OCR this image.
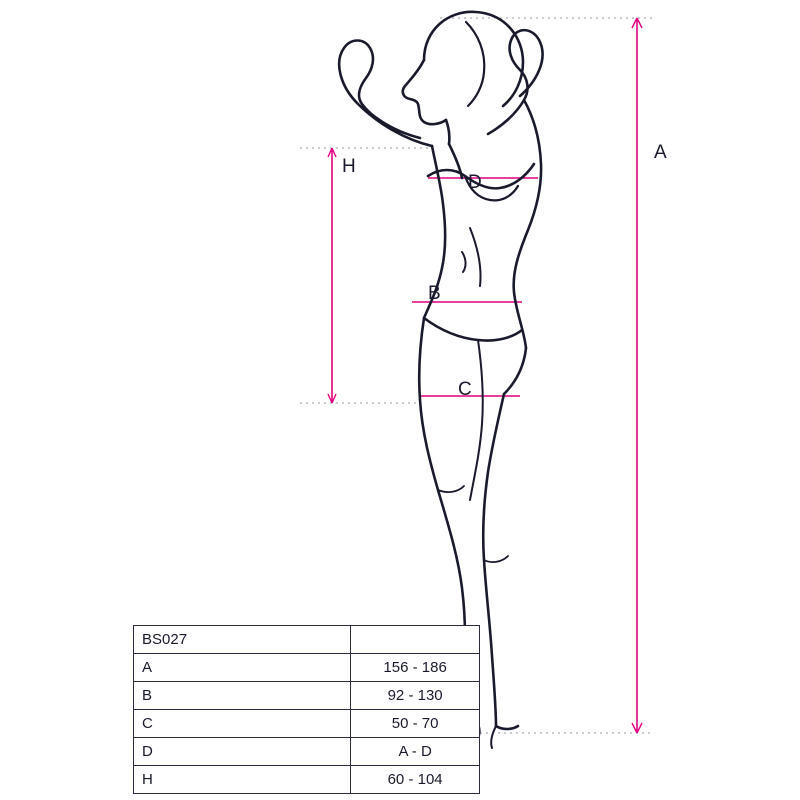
A
B
C
D
H
BS027	
A	156 - 186
B	92 - 130
C	50 - 70
D	A - D
H	60 - 104
